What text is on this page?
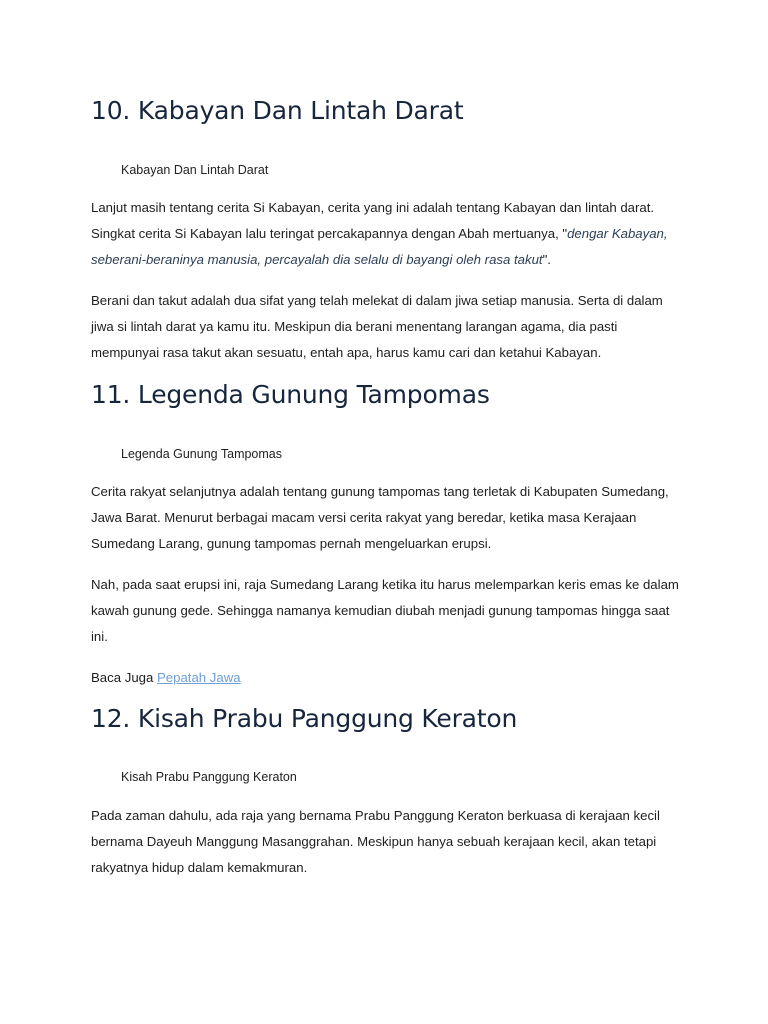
10. Kabayan Dan Lintah Darat

Kabayan Dan Lintah Darat

Lanjut masih tentang cerita Si Kabayan, cerita yang ini adalah tentang Kabayan dan lintah darat.
Singkat cerita Si Kabayan lalu teringat percakapannya dengan Abah mertuanya, "dengar Kabayan,
seberani-beraninya manusia, percayalah dia selalu di bayangi oleh rasa takut".

Berani dan takut adalah dua sifat yang telah melekat di dalam jiwa setiap manusia. Serta di dalam
jiwa si lintah darat ya kamu itu. Meskipun dia berani menentang larangan agama, dia pasti
mempunyai rasa takut akan sesuatu, entah apa, harus kamu cari dan ketahui Kabayan.

11. Legenda Gunung Tampomas

Legenda Gunung Tampomas

Cerita rakyat selanjutnya adalah tentang gunung tampomas tang terletak di Kabupaten Sumedang,
Jawa Barat. Menurut berbagai macam versi cerita rakyat yang beredar, ketika masa Kerajaan
Sumedang Larang, gunung tampomas pernah mengeluarkan erupsi.

Nah, pada saat erupsi ini, raja Sumedang Larang ketika itu harus melemparkan keris emas ke dalam
kawah gunung gede. Sehingga namanya kemudian diubah menjadi gunung tampomas hingga saat
ini.

Baca Juga Pepatah Jawa

12. Kisah Prabu Panggung Keraton

Kisah Prabu Panggung Keraton

Pada zaman dahulu, ada raja yang bernama Prabu Panggung Keraton berkuasa di kerajaan kecil
bernama Dayeuh Manggung Masanggrahan. Meskipun hanya sebuah kerajaan kecil, akan tetapi
rakyatnya hidup dalam kemakmuran.
